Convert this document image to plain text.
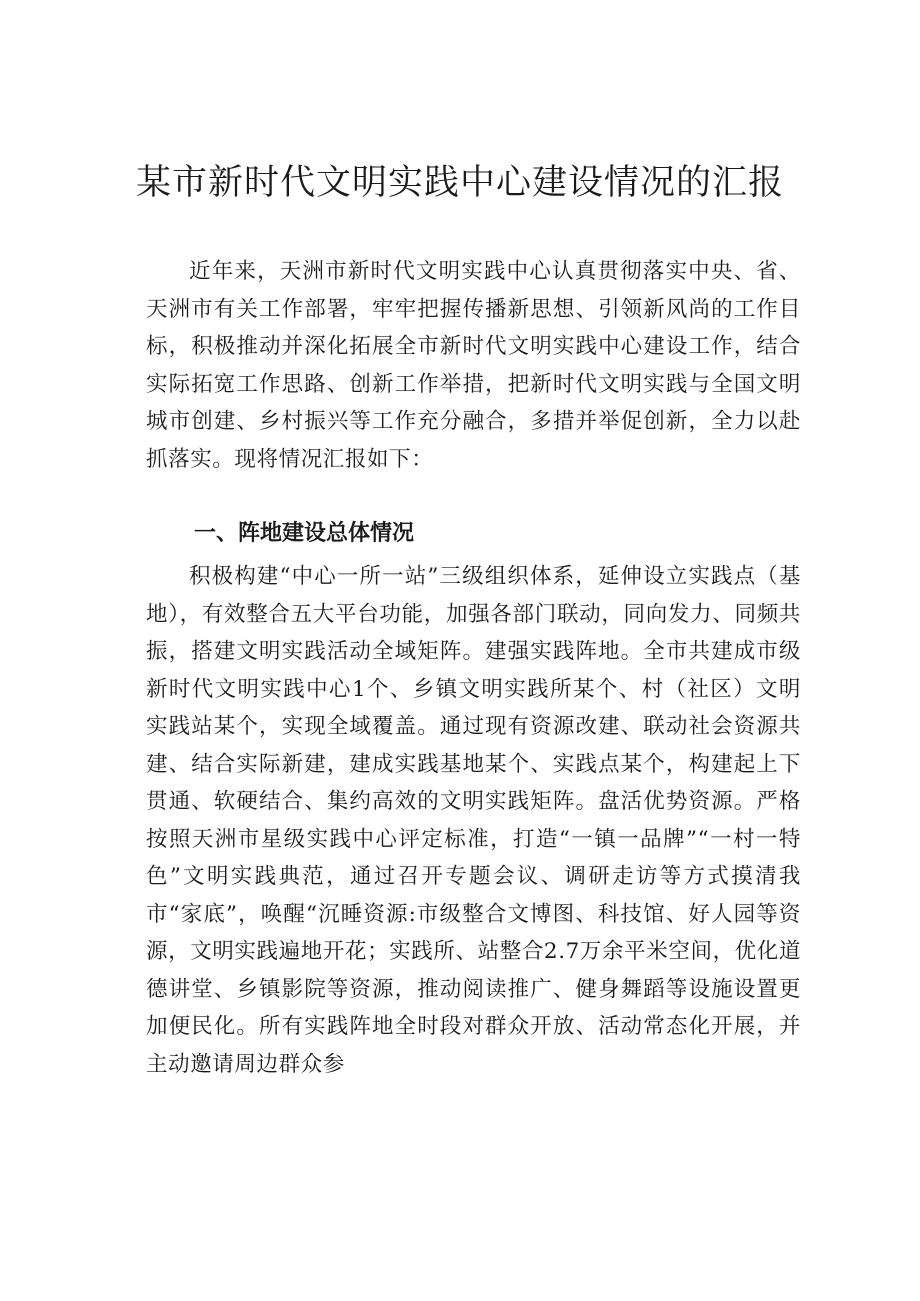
某市新时代文明实践中心建设情况的汇报

近年来，天洲市新时代文明实践中心认真贯彻落实中央、省、天洲市有关工作部署，牢牢把握传播新思想、引领新风尚的工作目标，积极推动并深化拓展全市新时代文明实践中心建设工作，结合实际拓宽工作思路、创新工作举措，把新时代文明实践与全国文明城市创建、乡村振兴等工作充分融合，多措并举促创新，全力以赴抓落实。现将情况汇报如下：

一、阵地建设总体情况

积极构建“中心一所一站”三级组织体系，延伸设立实践点（基地），有效整合五大平台功能，加强各部门联动，同向发力、同频共振，搭建文明实践活动全域矩阵。建强实践阵地。全市共建成市级新时代文明实践中心1个、乡镇文明实践所某个、村（社区）文明实践站某个，实现全域覆盖。通过现有资源改建、联动社会资源共建、结合实际新建，建成实践基地某个、实践点某个，构建起上下贯通、软硬结合、集约高效的文明实践矩阵。盘活优势资源。严格按照天洲市星级实践中心评定标准，打造“一镇一品牌”“一村一特色”文明实践典范，通过召开专题会议、调研走访等方式摸清我市“家底”，唤醒“沉睡资源:市级整合文博图、科技馆、好人园等资源，文明实践遍地开花；实践所、站整合2.7万余平米空间，优化道德讲堂、乡镇影院等资源，推动阅读推广、健身舞蹈等设施设置更加便民化。所有实践阵地全时段对群众开放、活动常态化开展，并主动邀请周边群众参
